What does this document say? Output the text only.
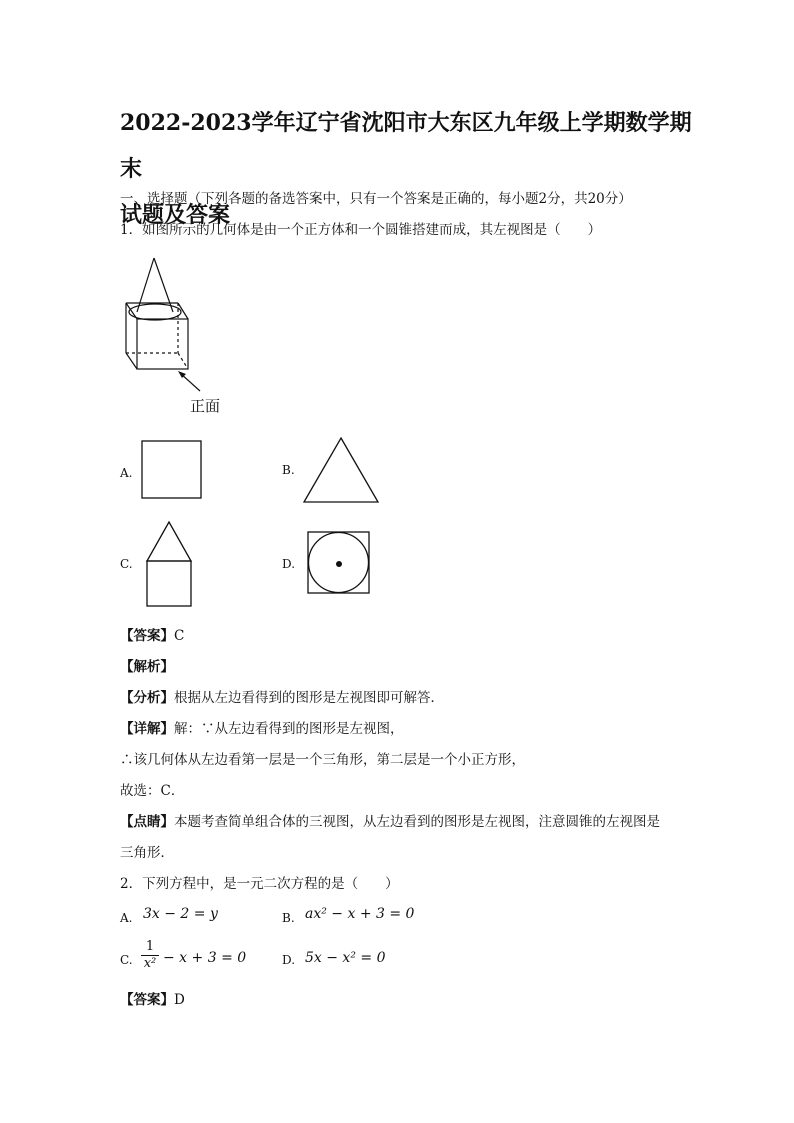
2022-2023学年辽宁省沈阳市大东区九年级上学期数学期末
试题及答案
一、选择题（下列各题的备选答案中，只有一个答案是正确的，每小题2分，共20分）
1．如图所示的几何体是由一个正方体和一个圆锥搭建而成，其左视图是（　　）
正面
A.	B.
C.	D.
【答案】C
【解析】
【分析】根据从左边看得到的图形是左视图即可解答．
【详解】解：∵从左边看得到的图形是左视图，
∴该几何体从左边看第一层是一个三角形，第二层是一个小正方形，
故选：C．
【点睛】本题考查简单组合体的三视图，从左边看到的图形是左视图，注意圆锥的左视图是
三角形．
2．下列方程中，是一元二次方程的是（　　）
A. 3x − 2 = y	B. ax² − x + 3 = 0
C.
1
x² − x + 3 = 0	D. 5x − x² = 0
【答案】D
